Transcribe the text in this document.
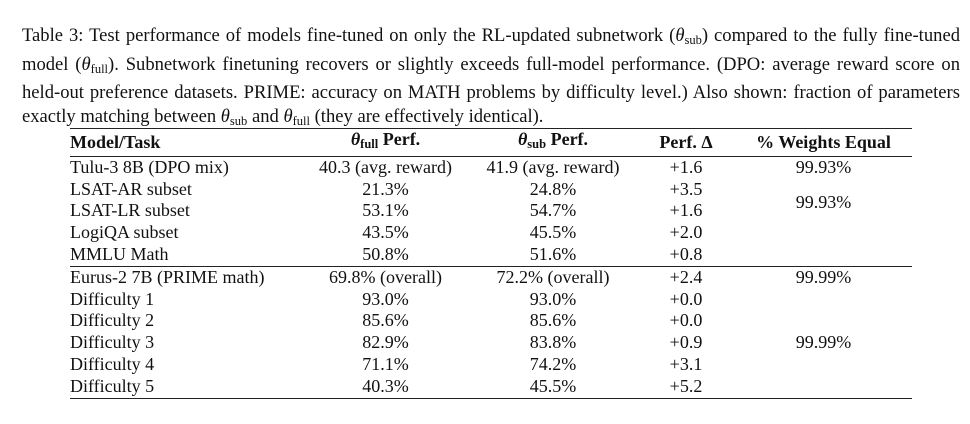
Table 3: Test performance of models fine-tuned on only the RL-updated subnetwork $(\theta_{sub})$ compared to the fully fine-tuned model $(\theta_{full})$. Subnetwork finetuning recovers or slightly exceeds full-model performance. (DPO: average reward score on held-out preference datasets. PRIME: accuracy on MATH problems by difficulty level.) Also shown: fraction of parameters exactly matching between $\theta_{sub}$ and $\theta_{full}$ (they are effectively identical).
Model/Task	θfull Perf.	θsub Perf.	Perf. Δ	% Weights Equal
Tulu-3 8B (DPO mix)	40.3 (avg. reward)	41.9 (avg. reward)	+1.6	99.93%
LSAT-AR subset	21.3%	24.8%	+3.5	99.93%
LSAT-LR subset	53.1%	54.7%	+1.6	
LogiQA subset	43.5%	45.5%	+2.0	
MMLU Math	50.8%	51.6%	+0.8	
Eurus-2 7B (PRIME math)	69.8% (overall)	72.2% (overall)	+2.4	99.99%
Difficulty 1	93.0%	93.0%	+0.0	
Difficulty 2	85.6%	85.6%	+0.0	
Difficulty 3	82.9%	83.8%	+0.9	99.99%
Difficulty 4	71.1%	74.2%	+3.1	
Difficulty 5	40.3%	45.5%	+5.2	
